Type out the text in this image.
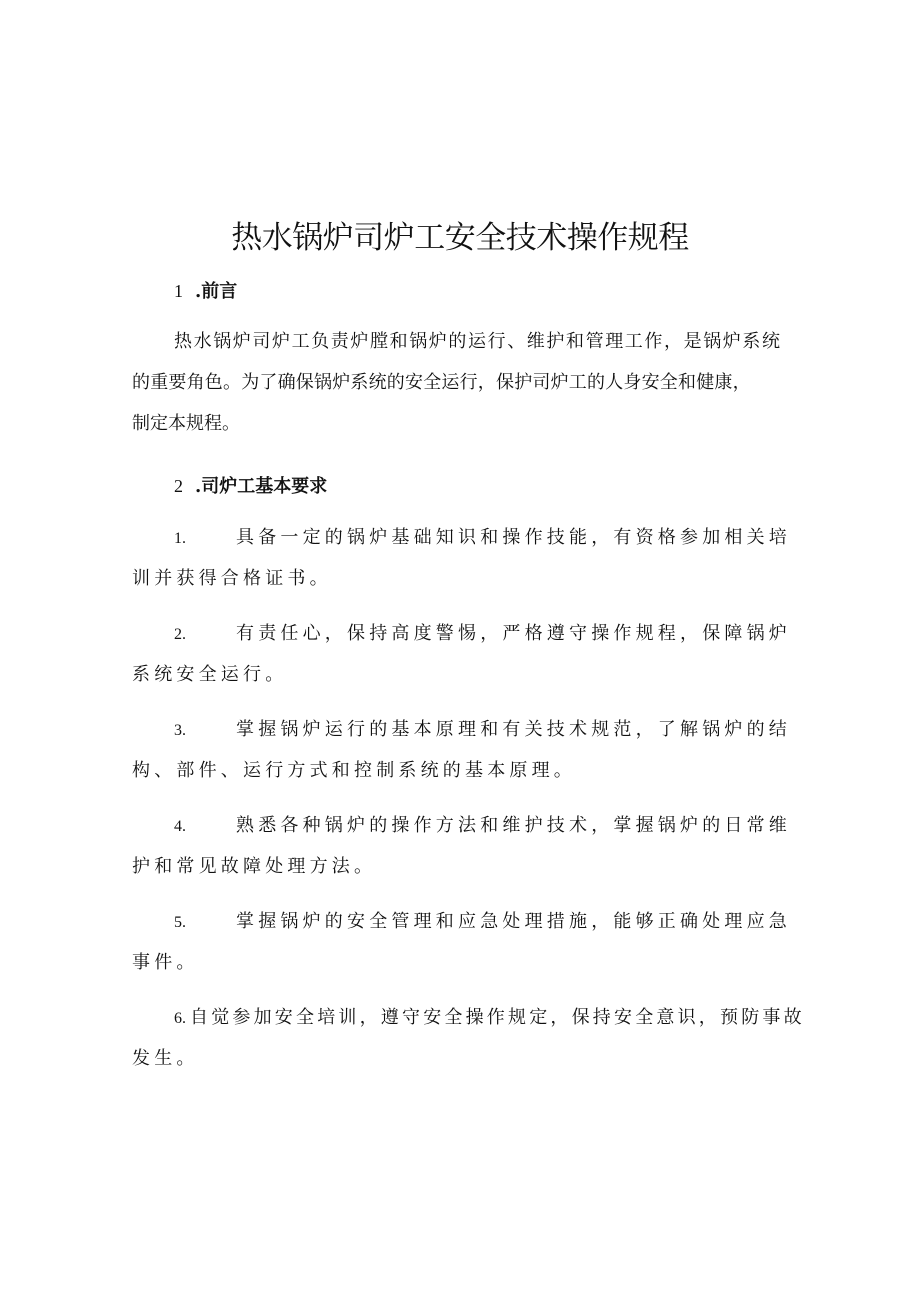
热水锅炉司炉工安全技术操作规程
1 .前言
热水锅炉司炉工负责炉膛和锅炉的运行、维护和管理工作，是锅炉系统
的重要角色。为了确保锅炉系统的安全运行，保护司炉工的人身安全和健康，
制定本规程。
2 .司炉工基本要求
1.	具备一定的锅炉基础知识和操作技能，有资格参加相关培
训并获得合格证书。
2.	有责任心，保持高度警惕，严格遵守操作规程，保障锅炉
系统安全运行。
3.	掌握锅炉运行的基本原理和有关技术规范，了解锅炉的结
构、部件、运行方式和控制系统的基本原理。
4.	熟悉各种锅炉的操作方法和维护技术，掌握锅炉的日常维
护和常见故障处理方法。
5.	掌握锅炉的安全管理和应急处理措施，能够正确处理应急
事件。
6. 自觉参加安全培训，遵守安全操作规定，保持安全意识，预防事故
发生。
